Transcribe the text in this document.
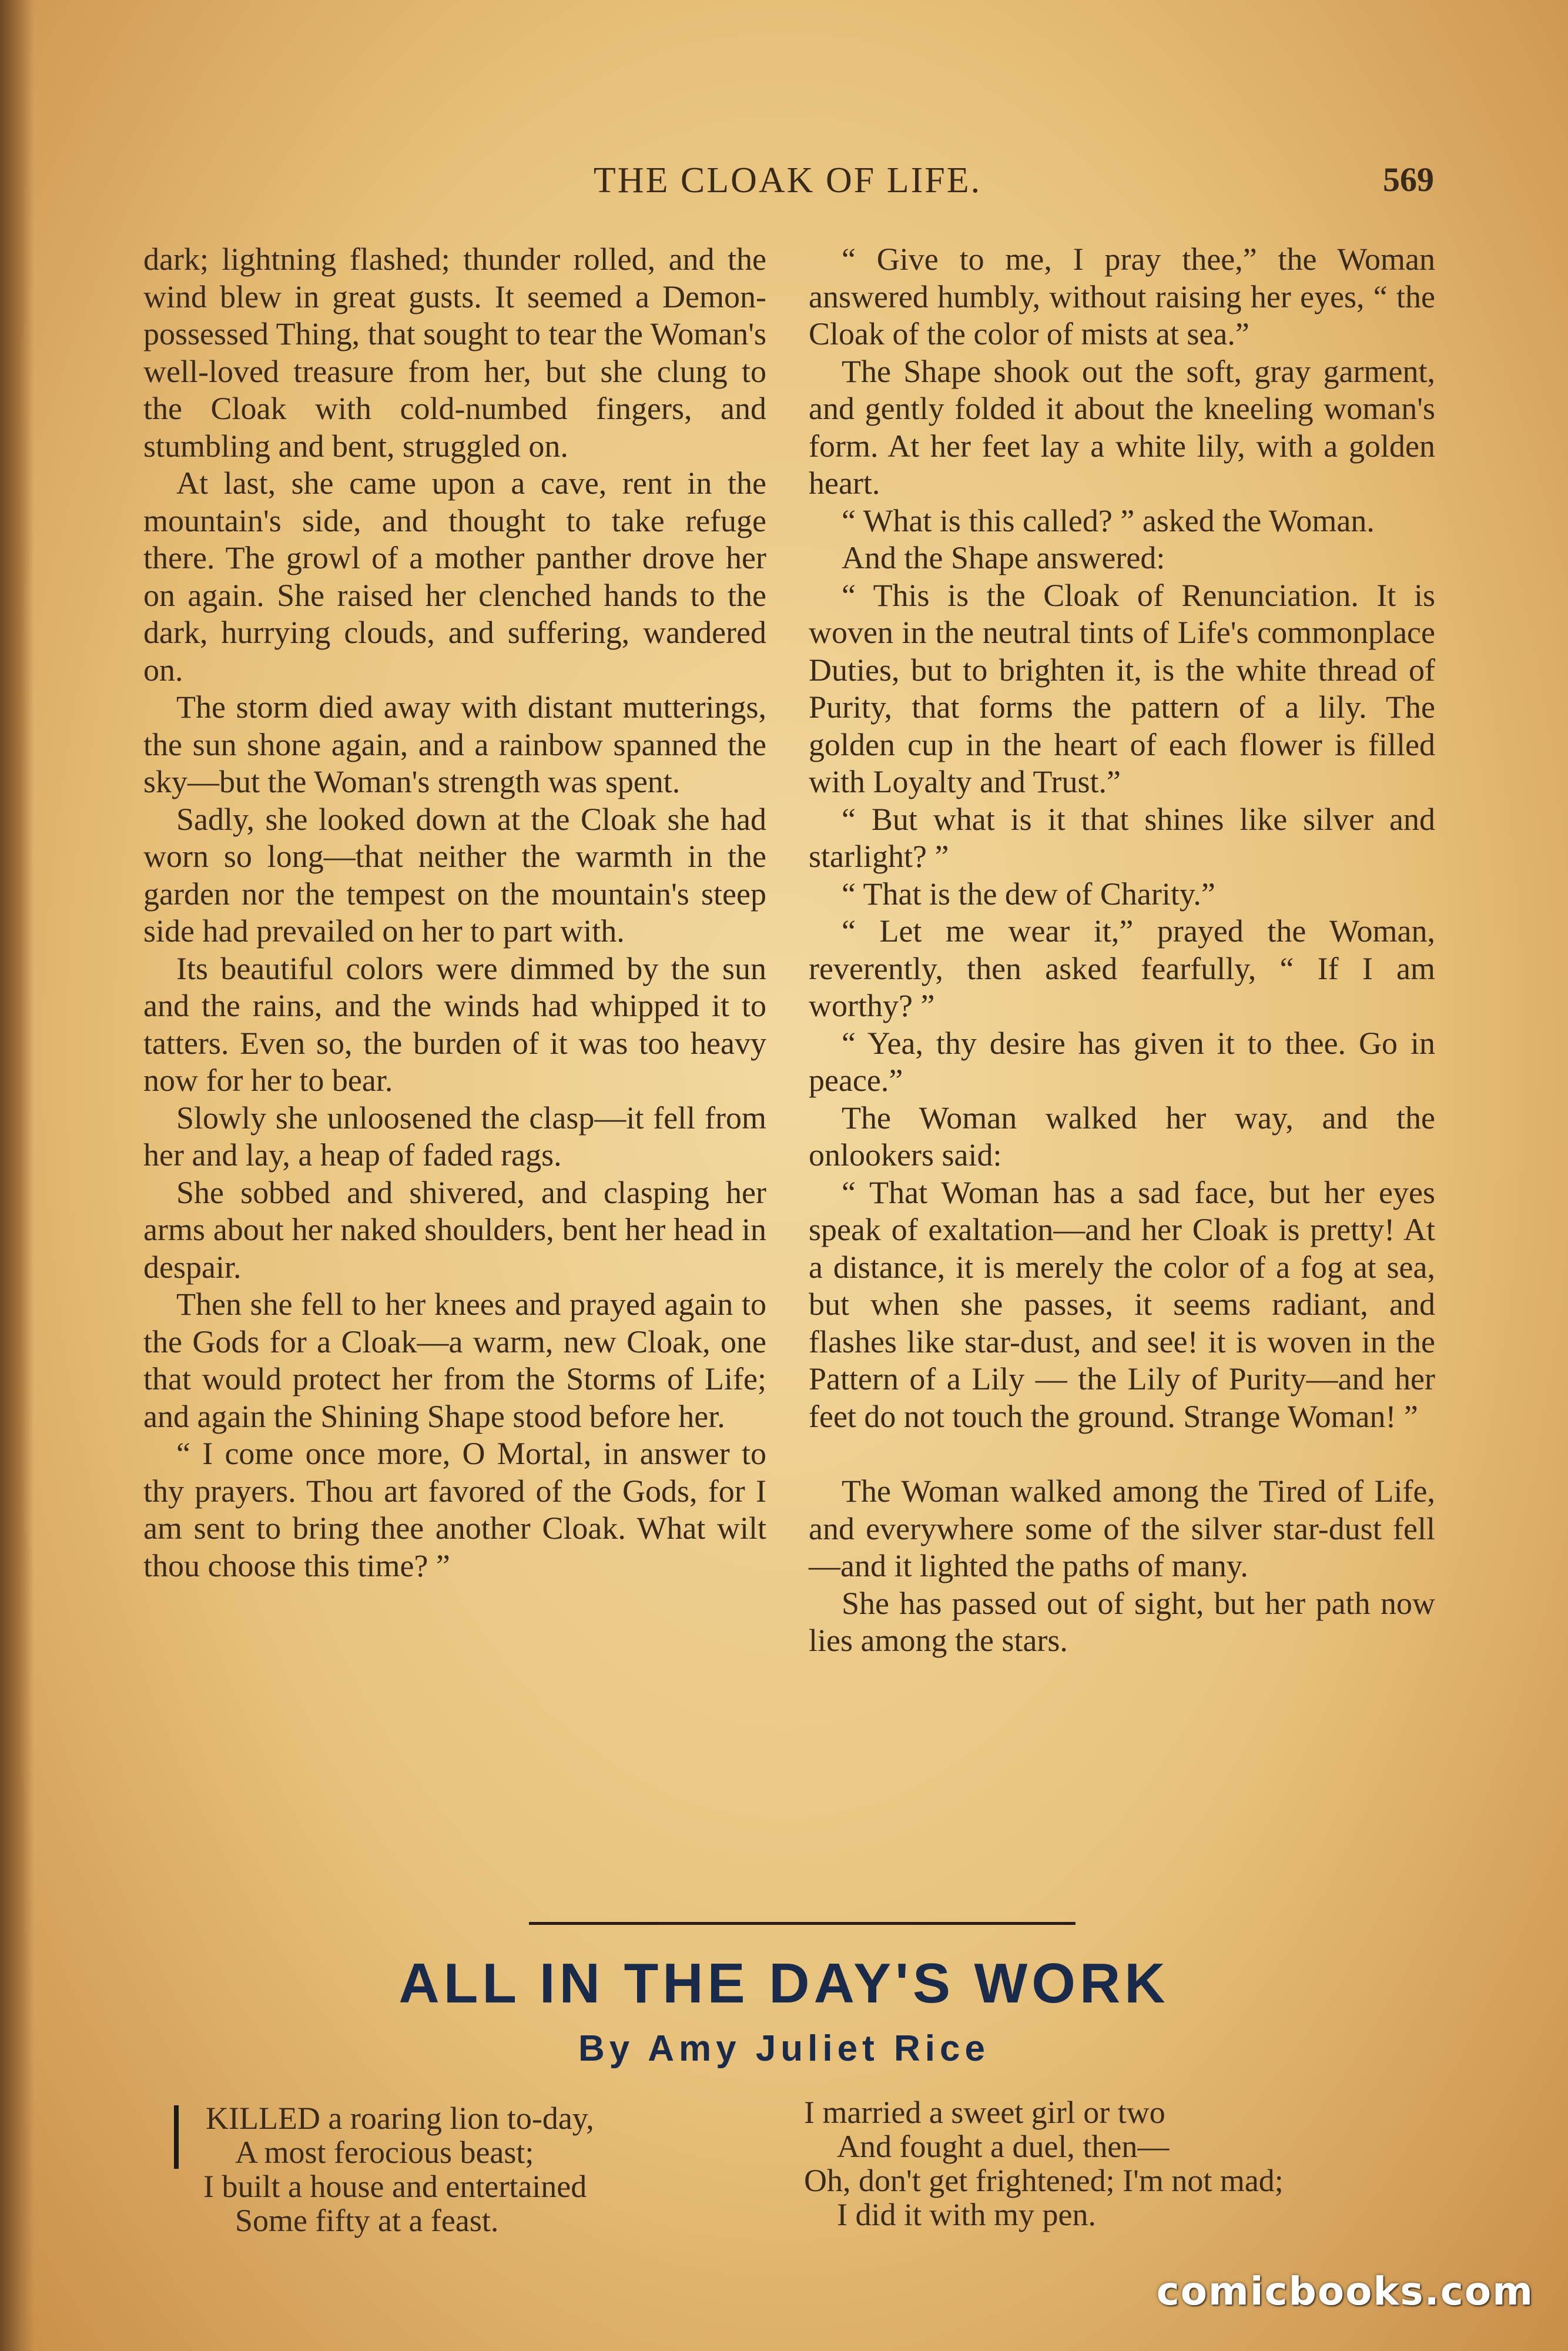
THE CLOAK OF LIFE.	569

dark; lightning flashed; thunder rolled, and the wind blew in great gusts. It seemed a Demon-possessed Thing, that sought to tear the Woman's well-loved treasure from her, but she clung to the Cloak with cold-numbed fingers, and stumbling and bent, struggled on.

At last, she came upon a cave, rent in the mountain's side, and thought to take refuge there. The growl of a mother panther drove her on again. She raised her clenched hands to the dark, hurrying clouds, and suffering, wandered on.

The storm died away with distant mutterings, the sun shone again, and a rainbow spanned the sky—but the Woman's strength was spent.

Sadly, she looked down at the Cloak she had worn so long—that neither the warmth in the garden nor the tempest on the mountain's steep side had prevailed on her to part with.

Its beautiful colors were dimmed by the sun and the rains, and the winds had whipped it to tatters. Even so, the burden of it was too heavy now for her to bear.

Slowly she unloosened the clasp—it fell from her and lay, a heap of faded rags.

She sobbed and shivered, and clasping her arms about her naked shoulders, bent her head in despair.

Then she fell to her knees and prayed again to the Gods for a Cloak—a warm, new Cloak, one that would protect her from the Storms of Life; and again the Shining Shape stood before her.

“ I come once more, O Mortal, in answer to thy prayers. Thou art favored of the Gods, for I am sent to bring thee another Cloak. What wilt thou choose this time? ”

“ Give to me, I pray thee,” the Woman answered humbly, without raising her eyes, “ the Cloak of the color of mists at sea.”

The Shape shook out the soft, gray garment, and gently folded it about the kneeling woman's form. At her feet lay a white lily, with a golden heart.

“ What is this called? ” asked the Woman.

And the Shape answered:

“ This is the Cloak of Renunciation. It is woven in the neutral tints of Life's commonplace Duties, but to brighten it, is the white thread of Purity, that forms the pattern of a lily. The golden cup in the heart of each flower is filled with Loyalty and Trust.”

“ But what is it that shines like silver and starlight? ”

“ That is the dew of Charity.”

“ Let me wear it,” prayed the Woman, reverently, then asked fearfully, “ If I am worthy? ”

“ Yea, thy desire has given it to thee. Go in peace.”

The Woman walked her way, and the onlookers said:

“ That Woman has a sad face, but her eyes speak of exaltation—and her Cloak is pretty! At a distance, it is merely the color of a fog at sea, but when she passes, it seems radiant, and flashes like star-dust, and see! it is woven in the Pattern of a Lily — the Lily of Purity—and her feet do not touch the ground. Strange Woman! ”

The Woman walked among the Tired of Life, and everywhere some of the silver star-dust fell—and it lighted the paths of many.

She has passed out of sight, but her path now lies among the stars.

ALL IN THE DAY'S WORK
By Amy Juliet Rice
KILLED a roaring lion to-day,
A most ferocious beast;
I built a house and entertained
Some fifty at a feast.
I married a sweet girl or two
And fought a duel, then—
Oh, don't get frightened; I'm not mad;
I did it with my pen.
comicbooks.com
